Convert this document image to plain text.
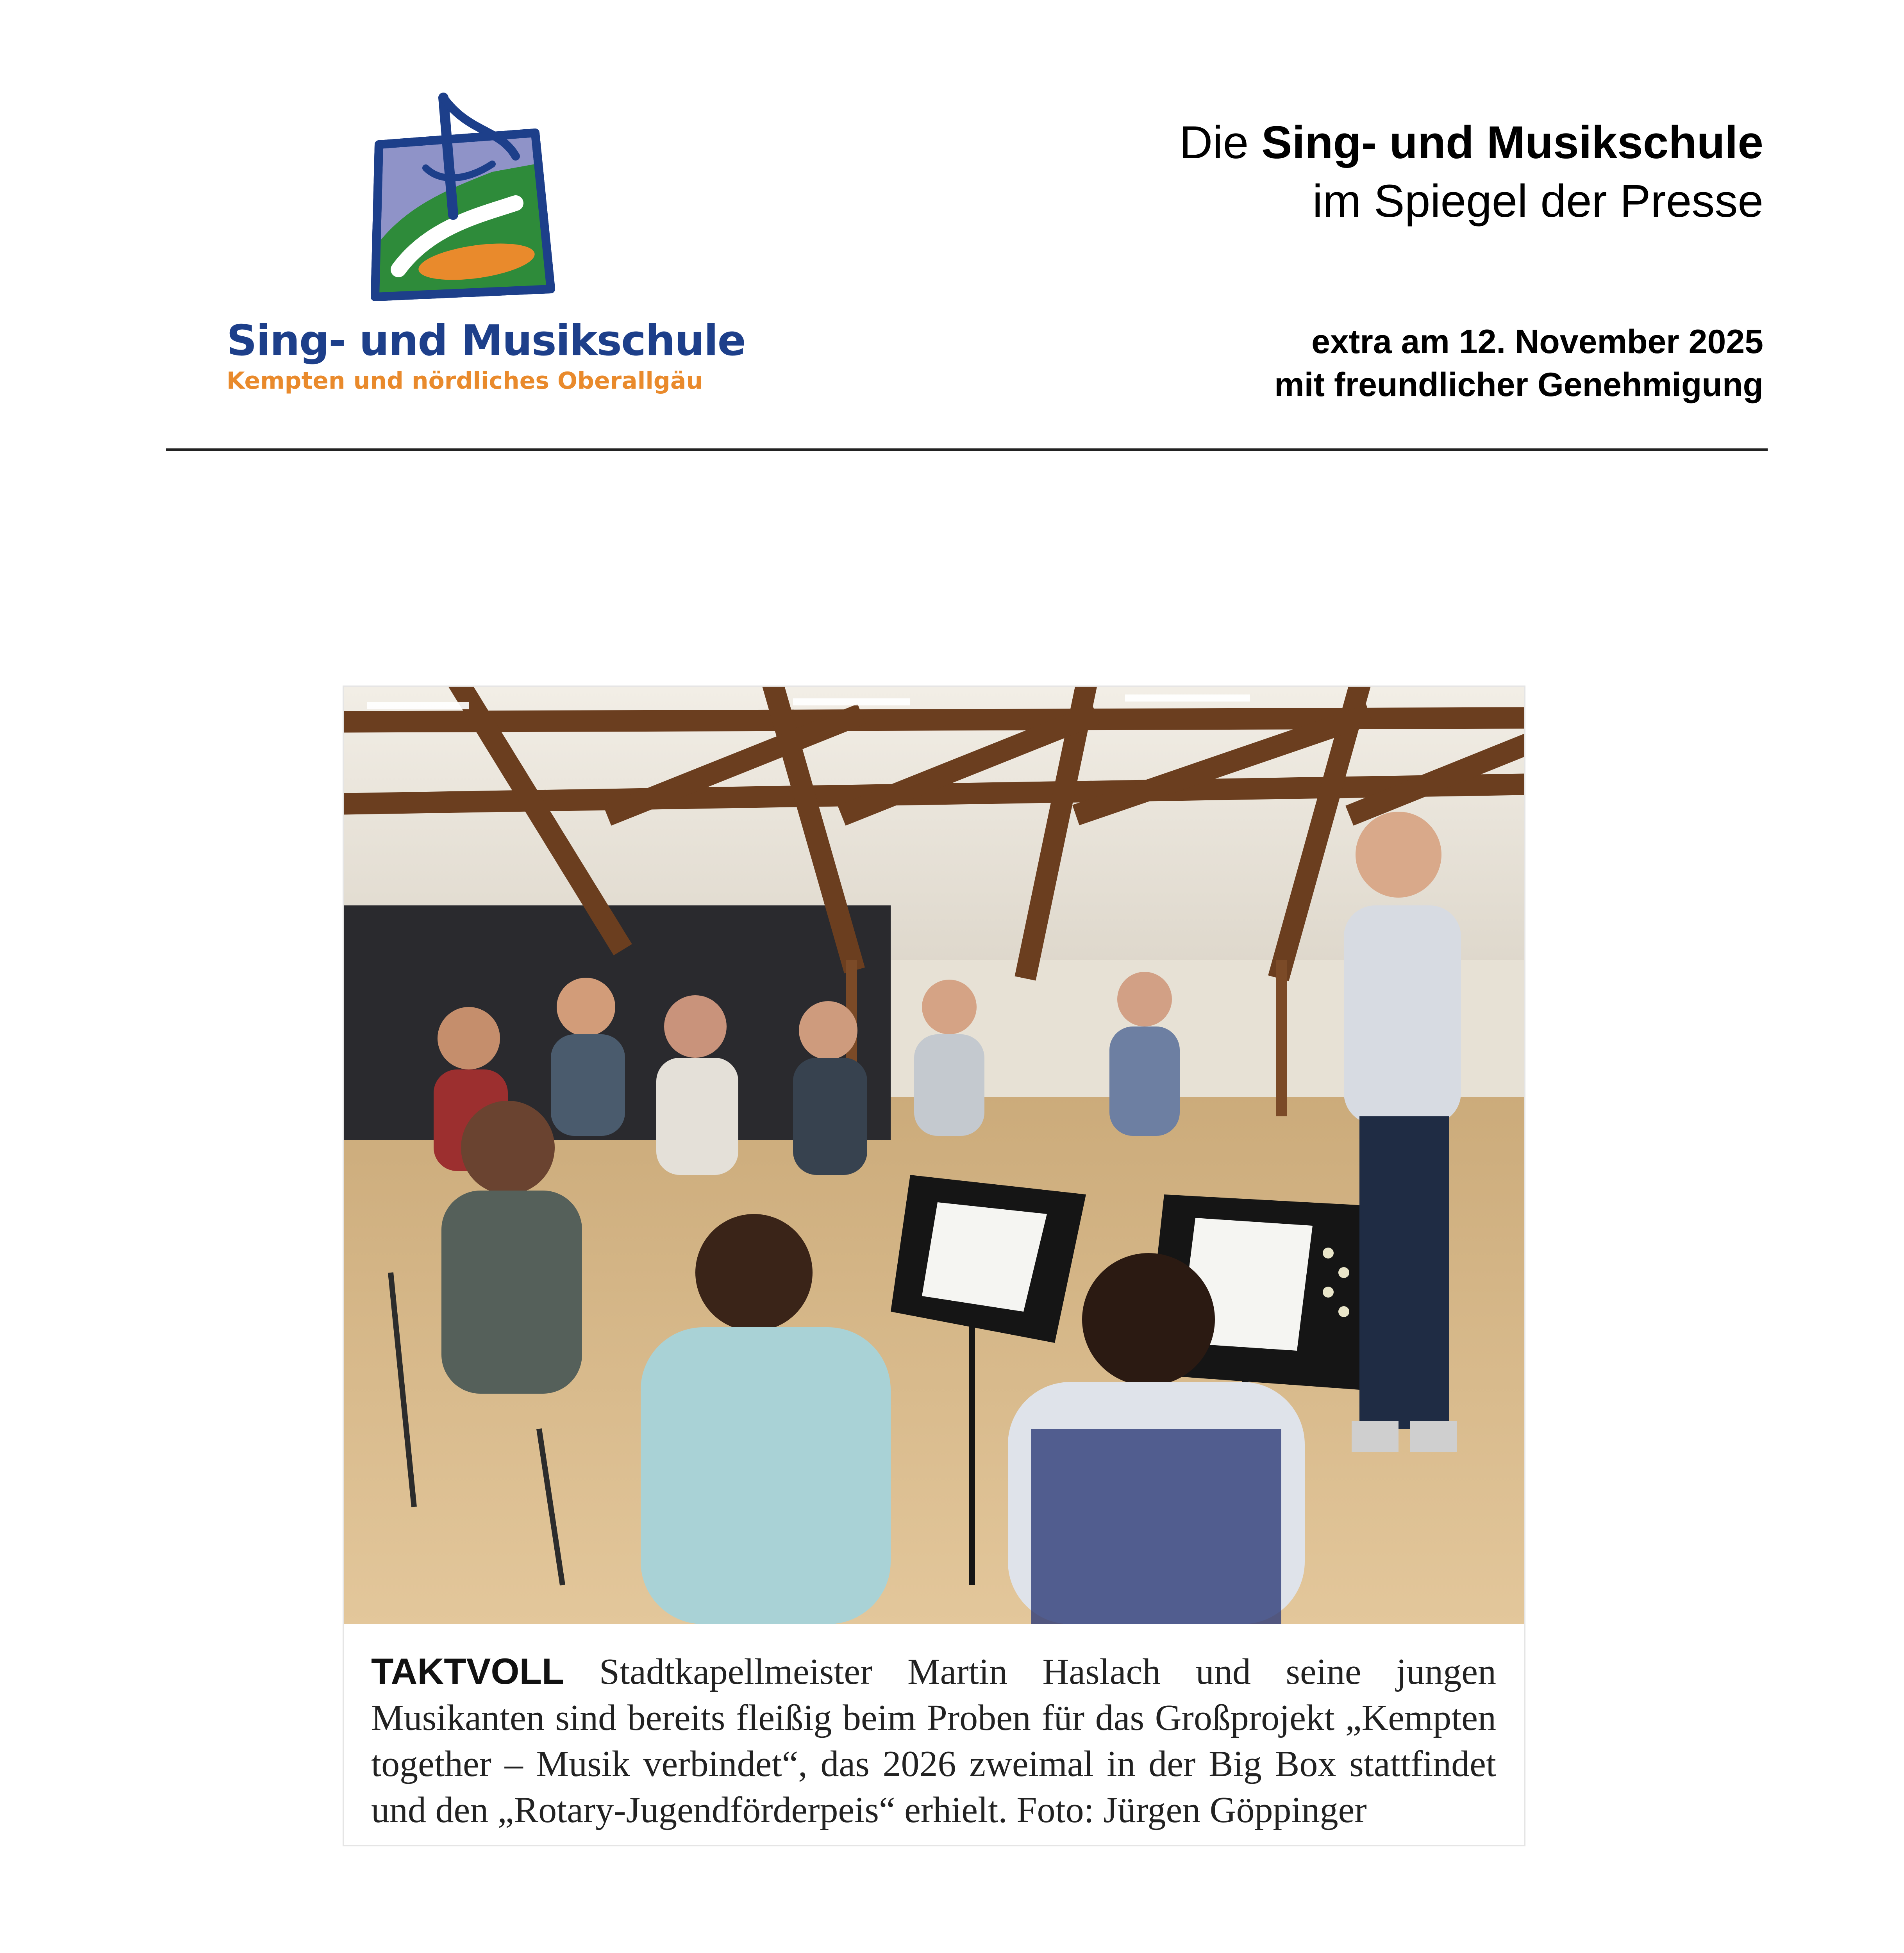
Sing- und Musikschule
Kempten und nördliches Oberallgäu
Die Sing- und Musikschule
im Spiegel der Presse
extra am 12. November 2025
mit freundlicher Genehmigung
TAKTVOLL Stadtkapellmeister Martin Haslach und seine jungen Musikanten sind bereits fleißig beim Proben für das Großprojekt „Kempten together – Musik verbindet“, das 2026 zweimal in der Big Box stattfindet und den „Rotary-Jugendförderpeis“ erhielt. Foto: Jürgen Göppinger
